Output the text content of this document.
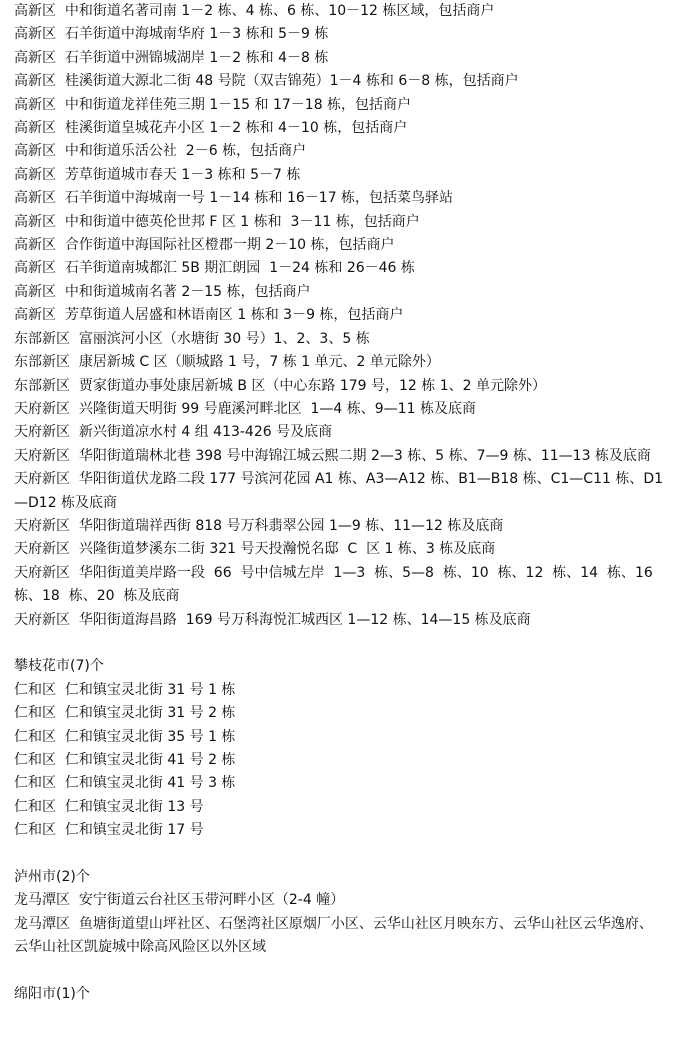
高新区  中和街道名著司南 1－2 栋、4 栋、6 栋、10－12 栋区域，包括商户

高新区  石羊街道中海城南华府 1－3 栋和 5－9 栋

高新区  石羊街道中洲锦城湖岸 1－2 栋和 4－8 栋

高新区  桂溪街道大源北二街 48 号院（双吉锦苑）1－4 栋和 6－8 栋，包括商户

高新区  中和街道龙祥佳苑三期 1－15 和 17－18 栋，包括商户

高新区  桂溪街道皇城花卉小区 1－2 栋和 4－10 栋，包括商户

高新区  中和街道乐活公社  2－6 栋，包括商户

高新区  芳草街道城市春天 1－3 栋和 5－7 栋

高新区  石羊街道中海城南一号 1－14 栋和 16－17 栋，包括菜鸟驿站

高新区  中和街道中德英伦世邦 F 区 1 栋和  3－11 栋，包括商户

高新区  合作街道中海国际社区橙郡一期 2－10 栋，包括商户

高新区  石羊街道南城都汇 5B 期汇朗园  1－24 栋和 26－46 栋

高新区  中和街道城南名著 2－15 栋，包括商户

高新区  芳草街道人居盛和林语南区 1 栋和 3－9 栋，包括商户

东部新区  富丽滨河小区（水塘街 30 号）1、2、3、5 栋

东部新区  康居新城 C 区（顺城路 1 号，7 栋 1 单元、2 单元除外）

东部新区  贾家街道办事处康居新城 B 区（中心东路 179 号，12 栋 1、2 单元除外）

天府新区  兴隆街道天明街 99 号鹿溪河畔北区  1—4 栋、9—11 栋及底商

天府新区  新兴街道凉水村 4 组 413-426 号及底商

天府新区  华阳街道瑞林北巷 398 号中海锦江城云熙二期 2—3 栋、5 栋、7—9 栋、11—13 栋及底商

天府新区  华阳街道伏龙路二段 177 号滨河花园 A1 栋、A3—A12 栋、B1—B18 栋、C1—C11 栋、D1—D12 栋及底商

天府新区  华阳街道瑞祥西街 818 号万科翡翠公园 1—9 栋、11—12 栋及底商

天府新区  兴隆街道梦溪东二街 321 号天投瀚悦名邸  C  区 1 栋、3 栋及底商

天府新区  华阳街道美岸路一段  66  号中信城左岸  1—3  栋、5—8  栋、10  栋、12  栋、14  栋、16  栋、18  栋、20  栋及底商

天府新区  华阳街道海昌路  169 号万科海悦汇城西区 1—12 栋、14—15 栋及底商

攀枝花市(7)个

仁和区  仁和镇宝灵北街 31 号 1 栋

仁和区  仁和镇宝灵北街 31 号 2 栋

仁和区  仁和镇宝灵北街 35 号 1 栋

仁和区  仁和镇宝灵北街 41 号 2 栋

仁和区  仁和镇宝灵北街 41 号 3 栋

仁和区  仁和镇宝灵北街 13 号

仁和区  仁和镇宝灵北街 17 号

泸州市(2)个

龙马潭区  安宁街道云台社区玉带河畔小区（2-4 幢）

龙马潭区  鱼塘街道望山坪社区、石堡湾社区原烟厂小区、云华山社区月映东方、云华山社区云华逸府、云华山社区凯旋城中除高风险区以外区域

绵阳市(1)个
